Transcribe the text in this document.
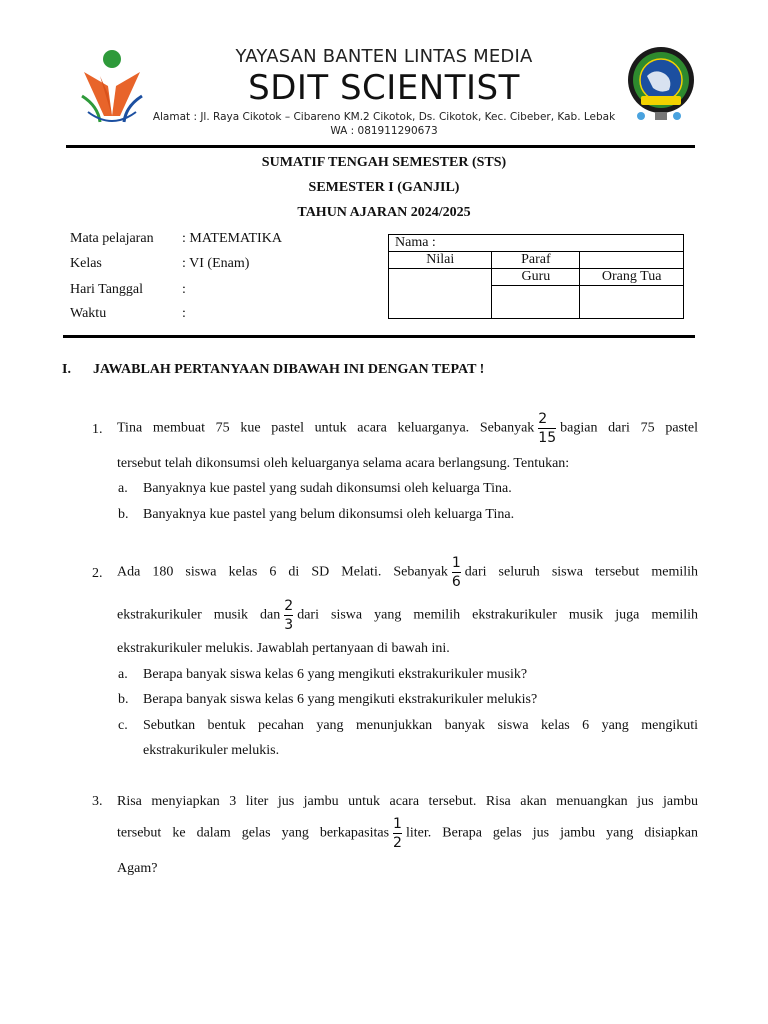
YAYASAN BANTEN LINTAS MEDIA
SDIT SCIENTIST
Alamat : Jl. Raya Cikotok – Cibareno KM.2 Cikotok, Ds. Cikotok, Kec. Cibeber, Kab. Lebak
WA : 081911290673
SUMATIF TENGAH SEMESTER (STS)
SEMESTER I (GANJIL)
TAHUN AJARAN 2024/2025
Mata pelajaran : MATEMATIKA
Kelas	: VI (Enam)
Hari Tanggal	:
Waktu	:
Nama :		
Nilai	Paraf	
	Guru	Orang Tua

I. JAWABLAH PERTANYAAN DIBAWAH INI DENGAN TEPAT !
1. Tina membuat 75 kue pastel untuk acara keluarganya. Sebanyak $\frac{2}{15}$ bagian dari 75 pastel
tersebut telah dikonsumsi oleh keluarganya selama acara berlangsung. Tentukan:
a. Banyaknya kue pastel yang sudah dikonsumsi oleh keluarga Tina.
b. Banyaknya kue pastel yang belum dikonsumsi oleh keluarga Tina.
2. Ada 180 siswa kelas 6 di SD Melati. Sebanyak $\frac{1}{6}$ dari seluruh siswa tersebut memilih
ekstrakurikuler musik dan $\frac{2}{3}$ dari siswa yang memilih ekstrakurikuler musik juga memilih
ekstrakurikuler melukis. Jawablah pertanyaan di bawah ini.
a. Berapa banyak siswa kelas 6 yang mengikuti ekstrakurikuler musik?
b. Berapa banyak siswa kelas 6 yang mengikuti ekstrakurikuler melukis?
c. Sebutkan bentuk pecahan yang menunjukkan banyak siswa kelas 6 yang mengikuti
ekstrakurikuler melukis.
3. Risa menyiapkan 3 liter jus jambu untuk acara tersebut. Risa akan menuangkan jus jambu
tersebut ke dalam gelas yang berkapasitas $\frac{1}{2}$ liter. Berapa gelas jus jambu yang disiapkan
Agam?
